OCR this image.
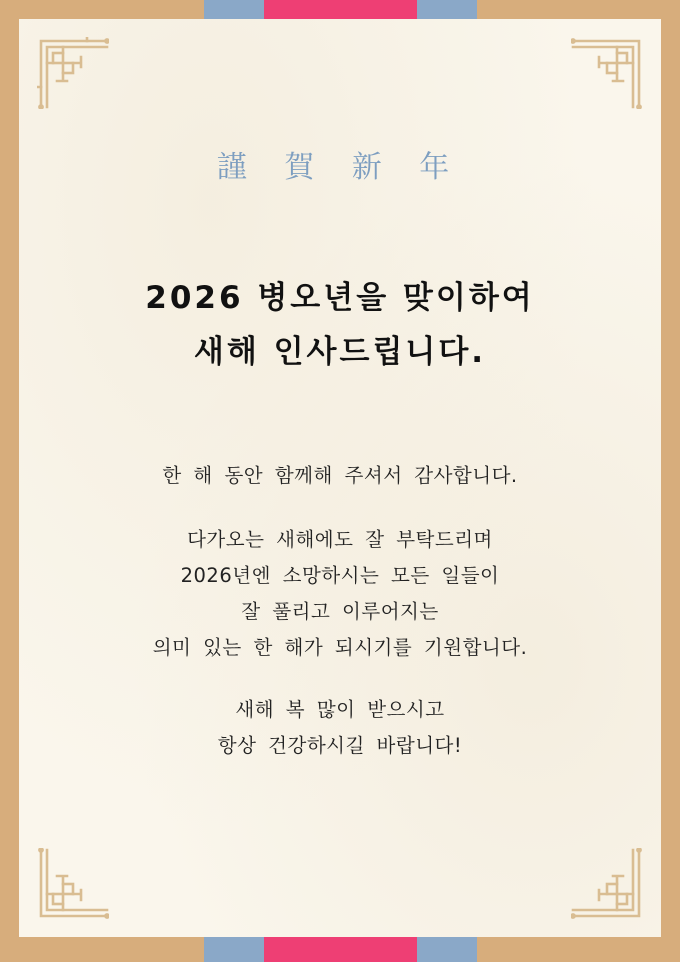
謹 賀 新 年
2026 병오년을 맞이하여
새해 인사드립니다.
한 해 동안 함께해 주셔서 감사합니다.
다가오는 새해에도 잘 부탁드리며
2026년엔 소망하시는 모든 일들이
잘 풀리고 이루어지는
의미 있는 한 해가 되시기를 기원합니다.
새해 복 많이 받으시고
항상 건강하시길 바랍니다!
